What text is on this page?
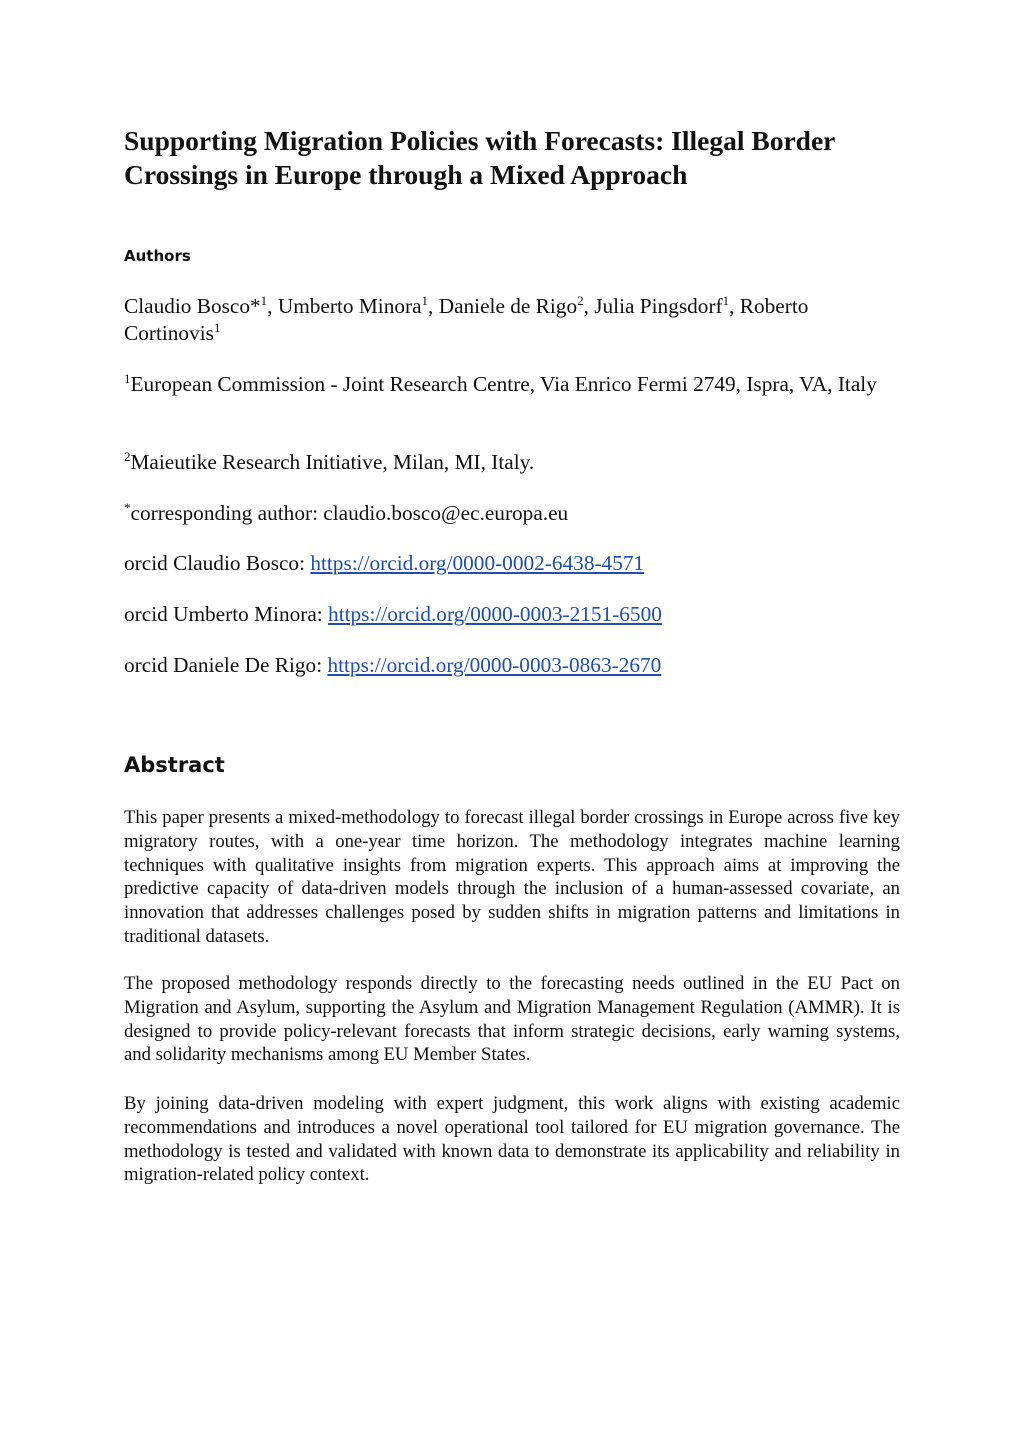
Supporting Migration Policies with Forecasts: Illegal Border Crossings in Europe through a Mixed Approach
Authors

Claudio Bosco*$^1$, Umberto Minora$^1$, Daniele de Rigo$^2$, Julia Pingsdorf$^1$, Roberto Cortinovis$^1$

$^1$European Commission - Joint Research Centre, Via Enrico Fermi 2749, Ispra, VA, Italy

$^2$Maieutike Research Initiative, Milan, MI, Italy.

*corresponding author: claudio.bosco@ec.europa.eu

orcid Claudio Bosco: https://orcid.org/0000-0002-6438-4571

orcid Umberto Minora: https://orcid.org/0000-0003-2151-6500

orcid Daniele De Rigo: https://orcid.org/0000-0003-0863-2670

Abstract

This paper presents a mixed-methodology to forecast illegal border crossings in Europe across five key migratory routes, with a one-year time horizon. The methodology integrates machine learning techniques with qualitative insights from migration experts. This approach aims at improving the predictive capacity of data-driven models through the inclusion of a human-assessed covariate, an innovation that addresses challenges posed by sudden shifts in migration patterns and limitations in traditional datasets.

The proposed methodology responds directly to the forecasting needs outlined in the EU Pact on Migration and Asylum, supporting the Asylum and Migration Management Regulation (AMMR). It is designed to provide policy-relevant forecasts that inform strategic decisions, early warning systems, and solidarity mechanisms among EU Member States.

By joining data-driven modeling with expert judgment, this work aligns with existing academic recommendations and introduces a novel operational tool tailored for EU migration governance. The methodology is tested and validated with known data to demonstrate its applicability and reliability in migration-related policy context.
